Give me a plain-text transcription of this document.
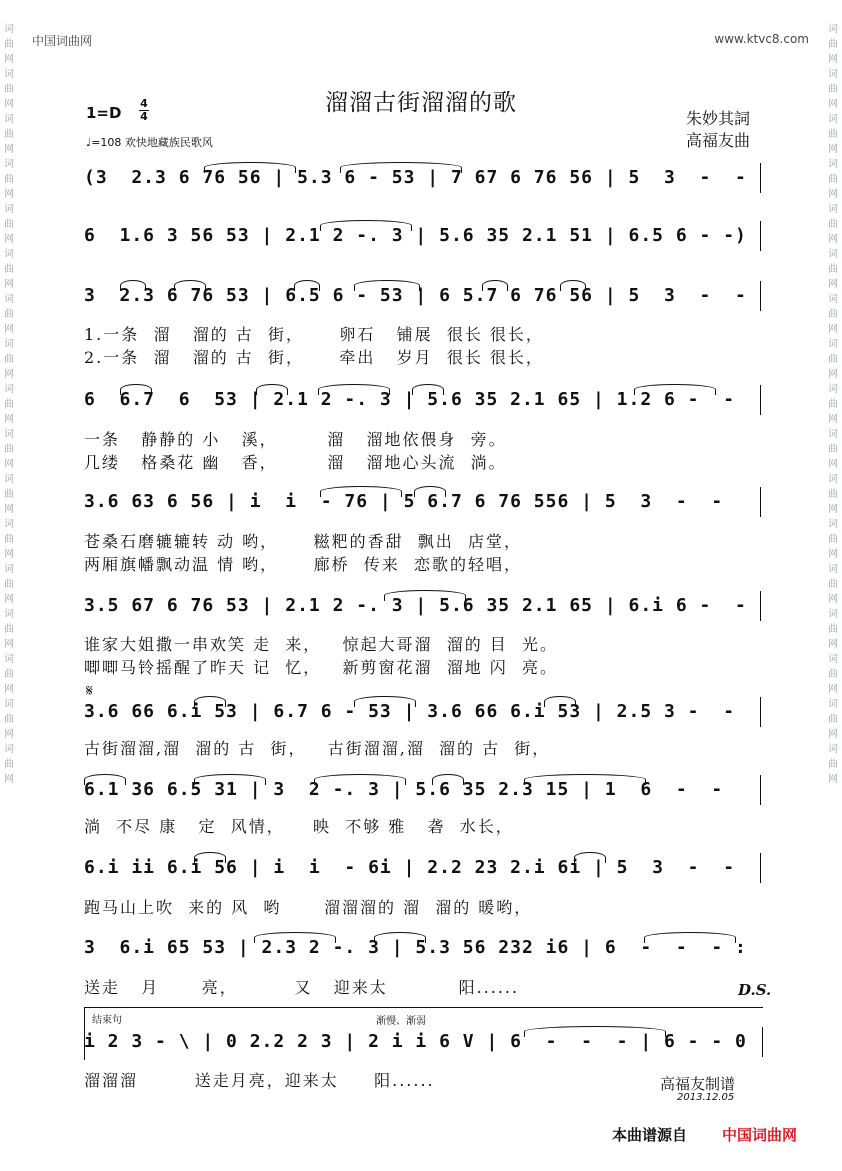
词曲网词曲网词曲网词曲网词曲网词曲网词曲网词曲网词曲网词曲网词曲网词曲网词曲网词曲网词曲网词曲网词曲网
词曲网词曲网词曲网词曲网词曲网词曲网词曲网词曲网词曲网词曲网词曲网词曲网词曲网词曲网词曲网词曲网词曲网
中国词曲网	www.ktvc8.com
溜溜古街溜溜的歌
1=D
4
4
♩=108 欢快地藏族民歌风
朱妙其詞
高福友曲
(3  2.3 6 76 56 | 5.3 6 - 53 | 7 67 6 76 56 | 5  3  -  -
6  1.6 3 56 53 | 2.1 2 -. 3 | 5.6 35 2.1 51 | 6.5 6 - -)
3  2.3 6 76 53 | 6.5 6 - 53 | 6 5.7 6 76 56 | 5  3  -  -
1.一条  溜   溜的 古  街，     卵石   铺展  很长 很长，
2.一条  溜   溜的 古  街，     牵出   岁月  很长 很长，
6  6.7  6  53 | 2.1 2 -. 3 | 5.6 35 2.1 65 | 1.2 6 -  -
一条   静静的 小   溪，       溜   溜地依偎身  旁。
几缕   格桑花 幽   香，       溜   溜地心头流  淌。
3.6 63 6 56 | i  i  - 76 | 5 6.7 6 76 556 | 5  3  -  -
苍桑石磨辘辘转 动 哟，     糍粑的香甜  飘出  店堂，
两厢旗幡飘动温 情 哟，     廊桥  传来  恋歌的轻唱，
3.5 67 6 76 53 | 2.1 2 -. 3 | 5.6 35 2.1 65 | 6.i 6 -  -
谁家大姐撒一串欢笑 走  来，   惊起大哥溜  溜的 目  光。
唧唧马铃摇醒了昨天 记  忆，   新剪窗花溜  溜地 闪  亮。
𝄋
3.6 66 6.i 53 | 6.7 6 - 53 | 3.6 66 6.i 53 | 2.5 3 -  -
古街溜溜,溜  溜的 古  街，   古街溜溜,溜  溜的 古  街，
6.1 36 6.5 31 | 3  2 -. 3 | 5.6 35 2.3 15 | 1  6  -  -
淌  不尽 康   定  风情，    映  不够 雅   砻  水长，
6.i ii 6.i 56 | i  i  - 6i | 2.2 23 2.i 6i | 5  3  -  -
跑马山上吹  来的 风  哟      溜溜溜的 溜  溜的 暖哟，
3  6.i 65 53 | 2.3 2 -. 3 | 5.3 56 232 i6 | 6  -  -  - :
送走   月      亮，        又   迎来太          阳......	D.S.
结束句	渐慢、渐弱
i 2 3 - \ | 0 2.2 2 3 | 2 i i 6 V | 6  -  -  - | 6 - - 0
溜溜溜        送走月亮，迎来太     阳......	高福友制谱
2013.12.05
本曲谱源自 中国词曲网
